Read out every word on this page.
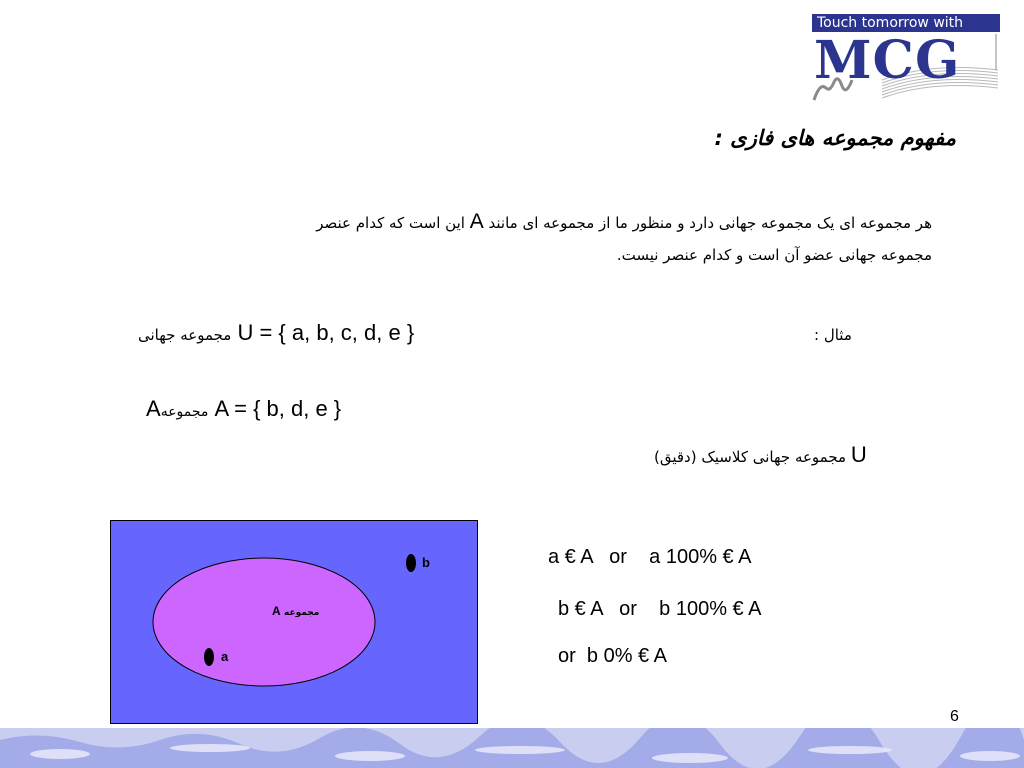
Touch tomorrow with
MCG
مفهوم مجموعه های فازی :
هر مجموعه ای یک مجموعه جهانی دارد و منظور ما از مجموعه ای مانند A این است که کدام عنصر
مجموعه جهانی عضو آن است و کدام عنصر نیست.
مثال :
مجموعه جهانی U = { a, b, c, d, e }
Aمجموعه A = { b, d, e }
U مجموعه جهانی کلاسیک (دقیق)
A مجموعه
a
b	a € A   or    a 100% € A
b € A   or    b 100% € A
or  b 0% € A
6
